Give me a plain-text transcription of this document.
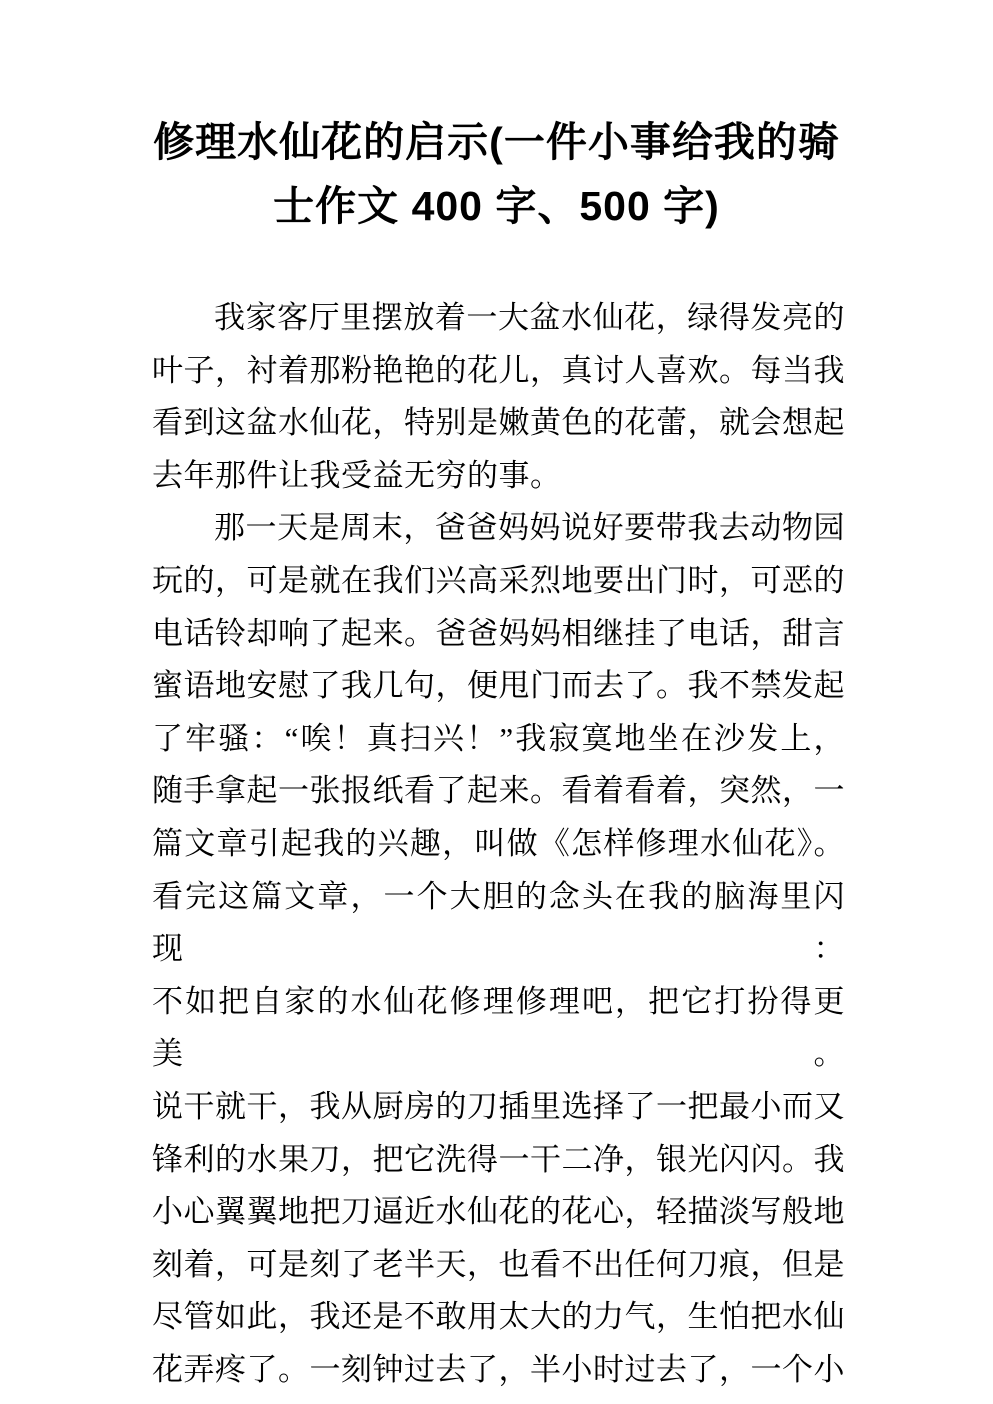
修理水仙花的启示(一件小事给我的骑
士作文 400 字、500 字)
我家客厅里摆放着一大盆水仙花，绿得发亮的
叶子，衬着那粉艳艳的花儿，真讨人喜欢。每当我
看到这盆水仙花，特别是嫩黄色的花蕾，就会想起
去年那件让我受益无穷的事。
那一天是周末，爸爸妈妈说好要带我去动物园
玩的，可是就在我们兴高采烈地要出门时，可恶的
电话铃却响了起来。爸爸妈妈相继挂了电话，甜言
蜜语地安慰了我几句，便甩门而去了。我不禁发起
了牢骚：“唉！真扫兴！”我寂寞地坐在沙发上，
随手拿起一张报纸看了起来。看着看着，突然，一
篇文章引起我的兴趣，叫做《怎样修理水仙花》。
看完这篇文章，一个大胆的念头在我的脑海里闪现：
不如把自家的水仙花修理修理吧，把它打扮得更美。
说干就干，我从厨房的刀插里选择了一把最小而又
锋利的水果刀，把它洗得一干二净，银光闪闪。我
小心翼翼地把刀逼近水仙花的花心，轻描淡写般地
刻着，可是刻了老半天，也看不出任何刀痕，但是
尽管如此，我还是不敢用太大的力气，生怕把水仙
花弄疼了。一刻钟过去了，半小时过去了，一个小
